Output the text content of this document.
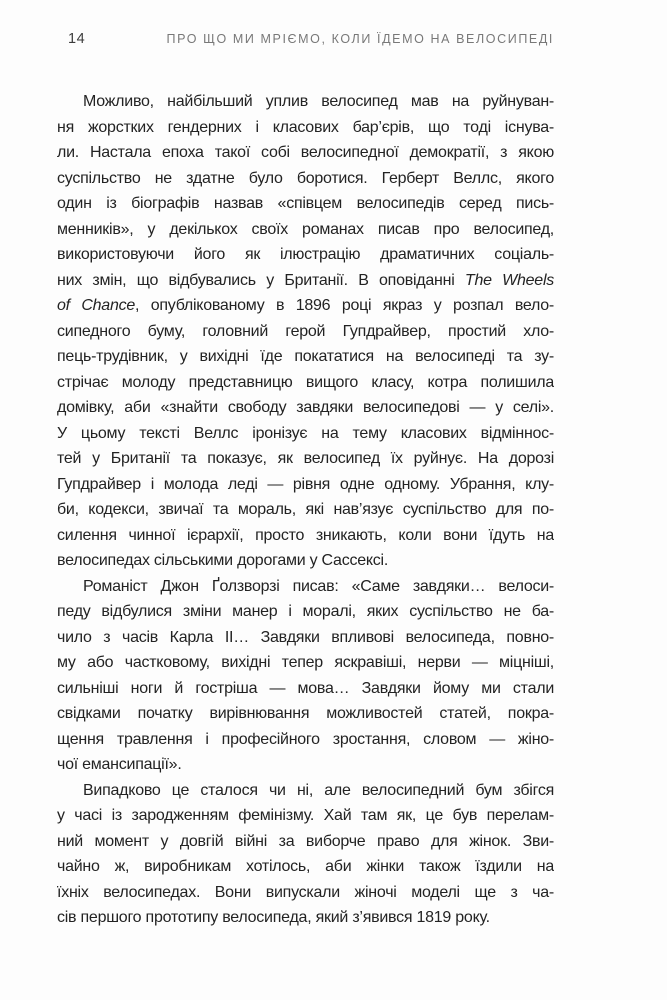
14	ПРО ЩО МИ МРІЄМО, КОЛИ ЇДЕМО НА ВЕЛОСИПЕДІ
Можливо, найбільший уплив велосипед мав на руйнуван-
ня жорстких гендерних і класових бар’єрів, що тоді існува-
ли. Настала епоха такої собі велосипедної демократії, з якою
суспільство не здатне було боротися. Герберт Веллс, якого
один із біографів назвав «співцем велосипедів серед пись-
менників», у декількох своїх романах писав про велосипед,
використовуючи його як ілюстрацію драматичних соціаль-
них змін, що відбувались у Британії. В оповіданні The Wheels
of Chance, опублікованому в 1896 році якраз у розпал вело-
сипедного буму, головний герой Гупдрайвер, простий хло-
пець-трудівник, у вихідні їде покататися на велосипеді та зу-
стрічає молоду представницю вищого класу, котра полишила
домівку, аби «знайти свободу завдяки велосипедові — у селі».
У цьому тексті Веллс іронізує на тему класових відміннос-
тей у Британії та показує, як велосипед їх руйнує. На дорозі
Гупдрайвер і молода леді — рівня одне одному. Убрання, клу-
би, кодекси, звичаї та мораль, які нав’язує суспільство для по-
силення чинної ієрархії, просто зникають, коли вони їдуть на
велосипедах сільськими дорогами у Сассексі.
Романіст Джон Ґолзворзі писав: «Саме завдяки… велоси-
педу відбулися зміни манер і моралі, яких суспільство не ба-
чило з часів Карла II… Завдяки впливові велосипеда, повно-
му або частковому, вихідні тепер яскравіші, нерви — міцніші,
сильніші ноги й гостріша — мова… Завдяки йому ми стали
свідками початку вирівнювання можливостей статей, покра-
щення травлення і професійного зростання, словом — жіно-
чої емансипації».
Випадково це сталося чи ні, але велосипедний бум збігся
у часі із зародженням фемінізму. Хай там як, це був перелам-
ний момент у довгій війні за виборче право для жінок. Зви-
чайно ж, виробникам хотілось, аби жінки також їздили на
їхніх велосипедах. Вони випускали жіночі моделі ще з ча-
сів першого прототипу велосипеда, який з’явився 1819 року.
